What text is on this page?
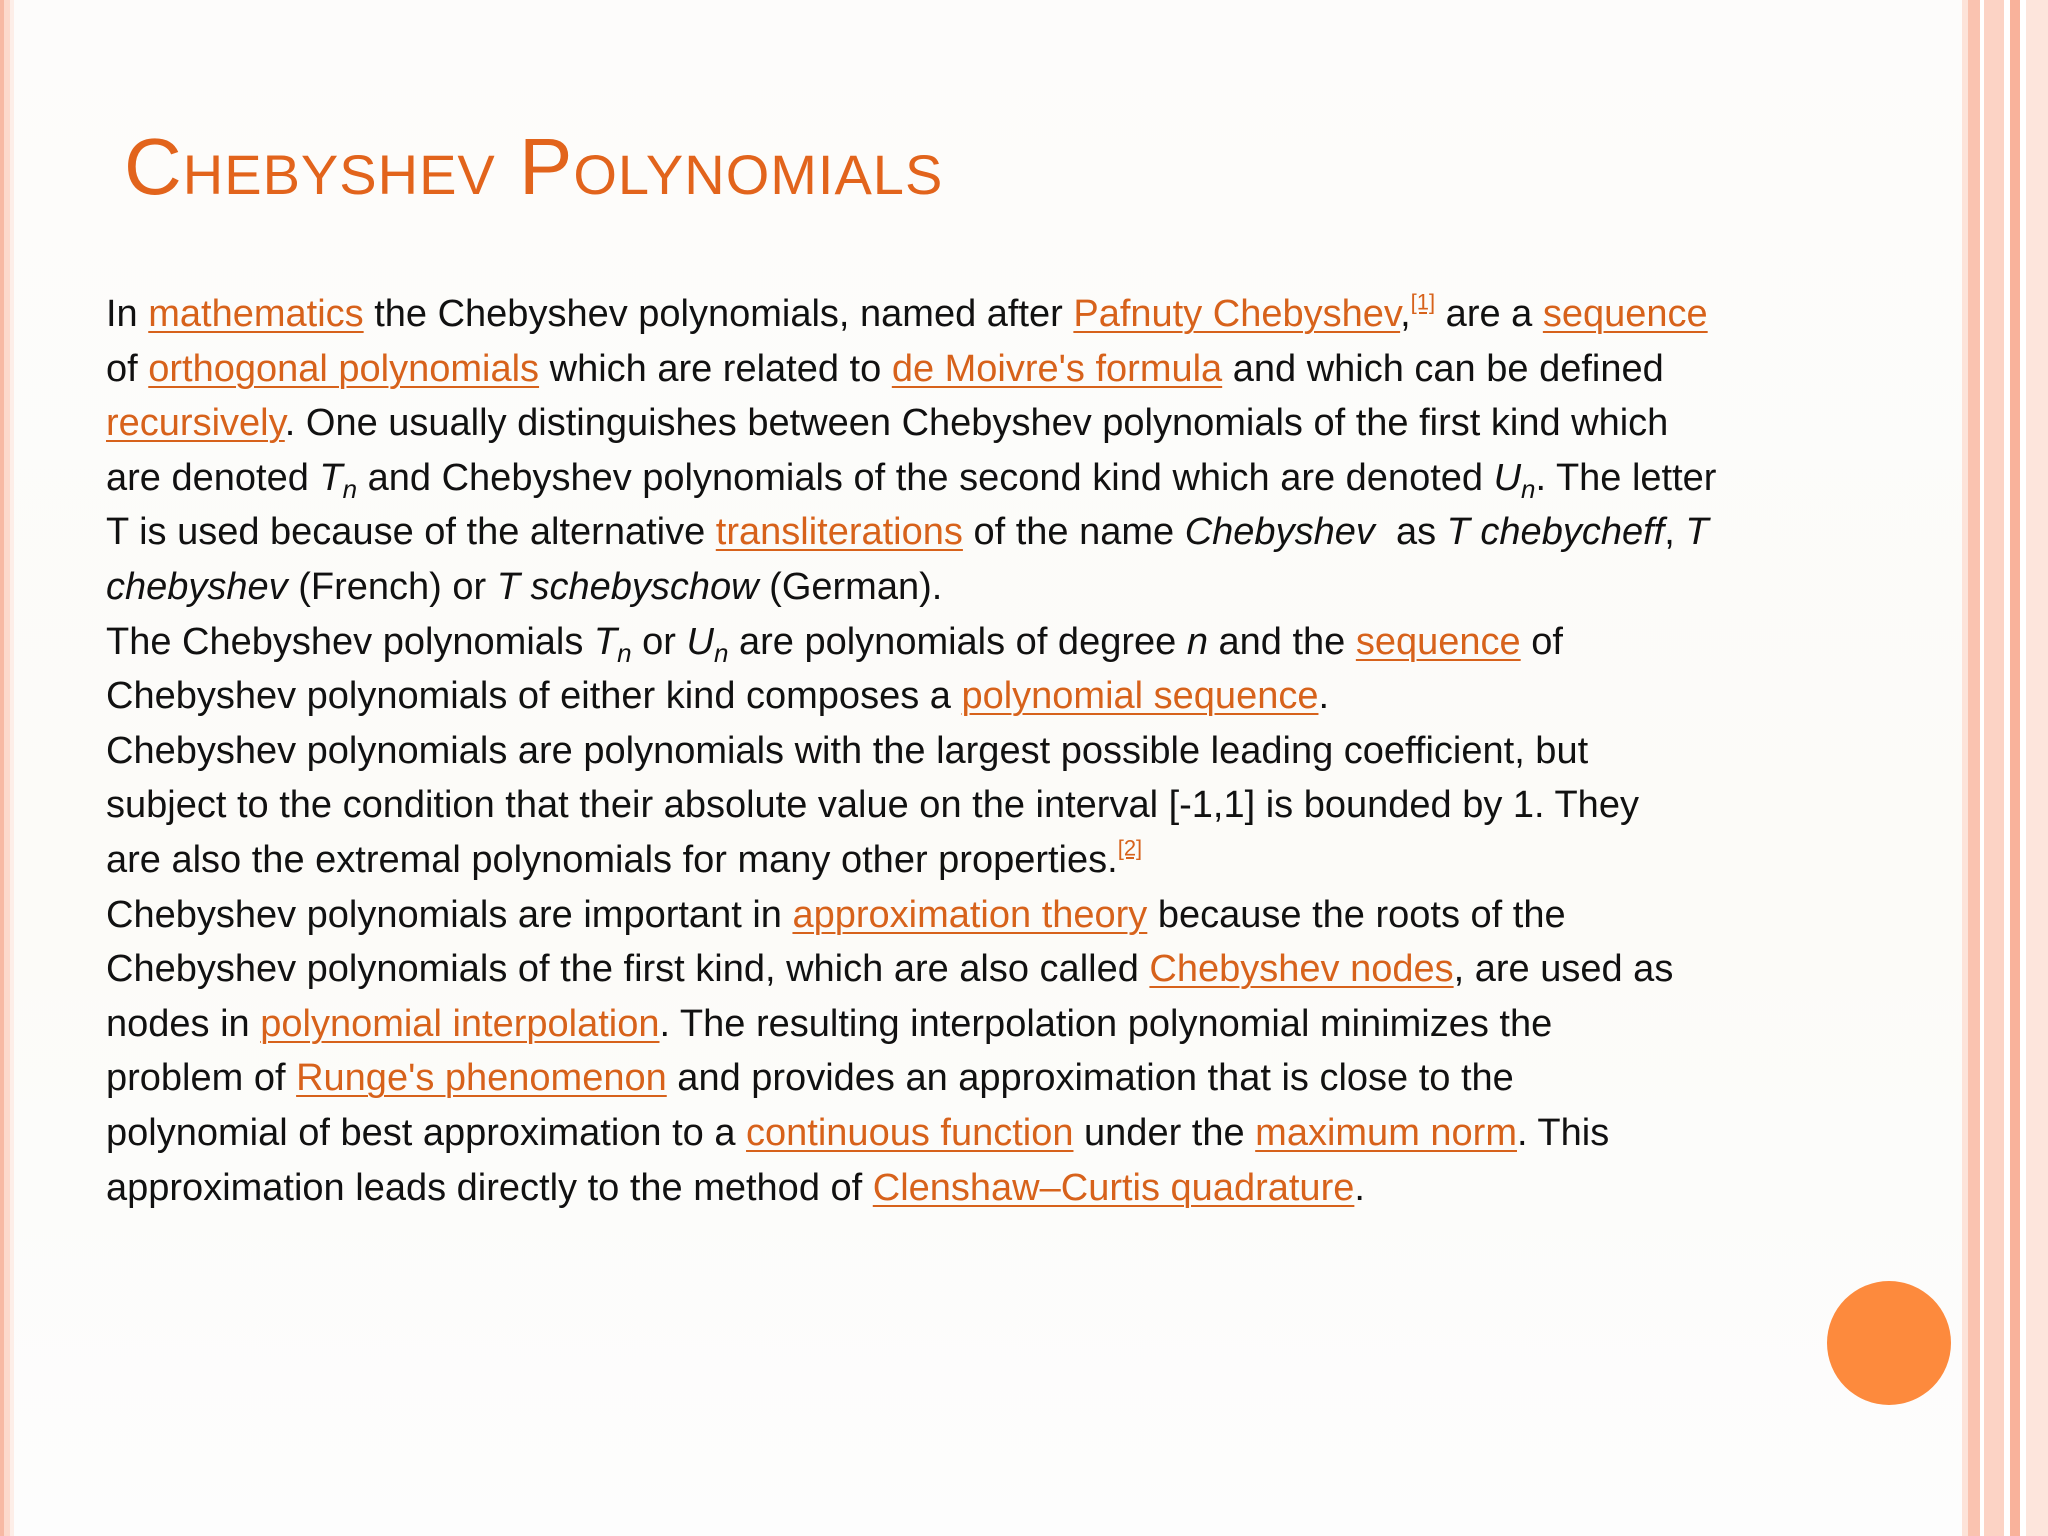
Chebyshev Polynomials

In mathematics the Chebyshev polynomials, named after Pafnuty Chebyshev,[1] are a sequence

of orthogonal polynomials which are related to de Moivre's formula and which can be defined

recursively. One usually distinguishes between Chebyshev polynomials of the first kind which

are denoted $T_n$ and Chebyshev polynomials of the second kind which are denoted $U_n$. The letter

T is used because of the alternative transliterations of the name Chebyshev  as T chebycheff, T

chebyshev (French) or T schebyschow (German).

The Chebyshev polynomials $T_n$ or $U_n$ are polynomials of degree n and the sequence of

Chebyshev polynomials of either kind composes a polynomial sequence.

Chebyshev polynomials are polynomials with the largest possible leading coefficient, but

subject to the condition that their absolute value on the interval [-1,1] is bounded by 1. They

are also the extremal polynomials for many other properties.[2]

Chebyshev polynomials are important in approximation theory because the roots of the

Chebyshev polynomials of the first kind, which are also called Chebyshev nodes, are used as

nodes in polynomial interpolation. The resulting interpolation polynomial minimizes the

problem of Runge's phenomenon and provides an approximation that is close to the

polynomial of best approximation to a continuous function under the maximum norm. This

approximation leads directly to the method of Clenshaw–Curtis quadrature.
